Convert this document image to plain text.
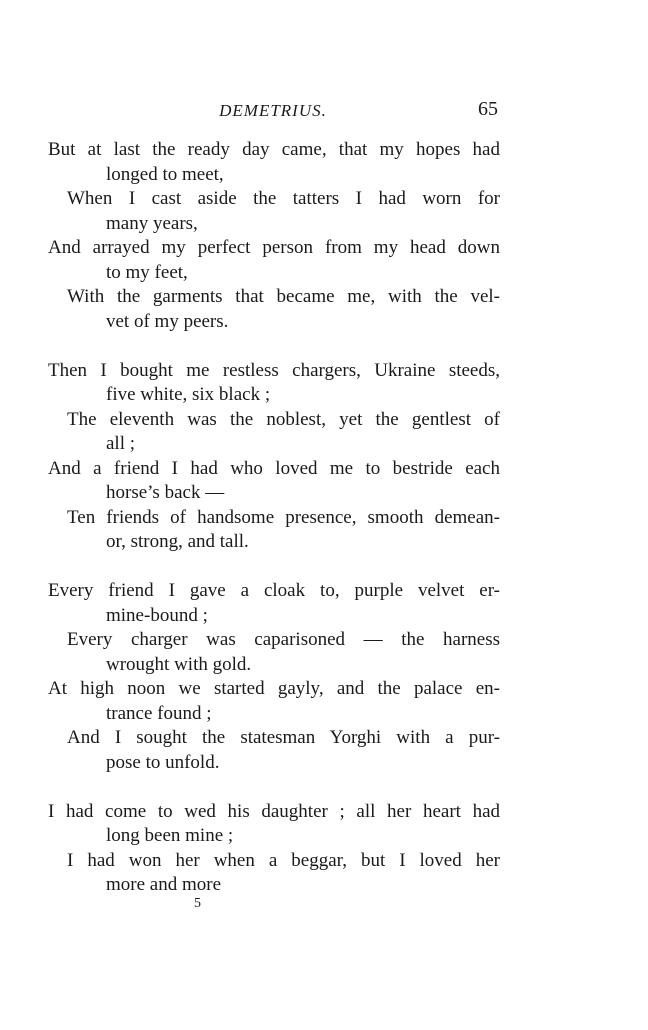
DEMETRIUS.	65
But at last the ready day came, that my hopes had
longed to meet,
When I cast aside the tatters I had worn for
many years,
And arrayed my perfect person from my head down
to my feet,
With the garments that became me, with the vel-
vet of my peers.
Then I bought me restless chargers, Ukraine steeds,
five white, six black ;
The eleventh was the noblest, yet the gentlest of
all ;
And a friend I had who loved me to bestride each
horse’s back —
Ten friends of handsome presence, smooth demean-
or, strong, and tall.
Every friend I gave a cloak to, purple velvet er-
mine-bound ;
Every charger was caparisoned — the harness
wrought with gold.
At high noon we started gayly, and the palace en-
trance found ;
And I sought the statesman Yorghi with a pur-
pose to unfold.
I had come to wed his daughter ; all her heart had
long been mine ;
I had won her when a beggar, but I loved her
more and more
5
